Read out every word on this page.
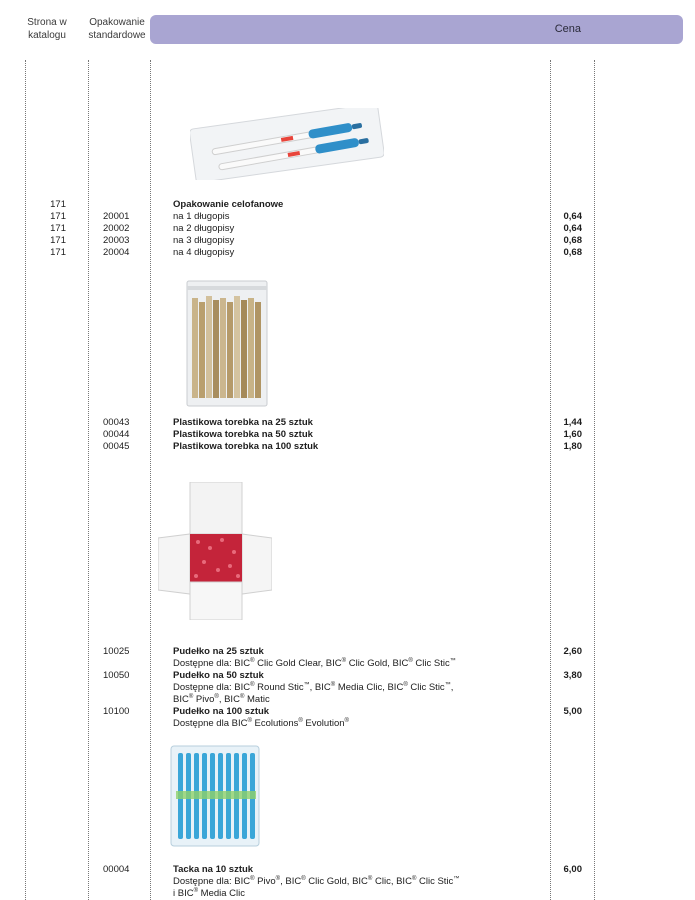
Strona w
katalogu
Opakowanie
standardowe
Cena
171	Opakowanie celofanowe
171	20001	na 1 długopis	0,64
171	20002	na 2 długopisy	0,64
171	20003	na 3 długopisy	0,68
171	20004	na 4 długopisy	0,68
00043	Plastikowa torebka na 25 sztuk	1,44
00044	Plastikowa torebka na 50 sztuk	1,60
00045	Plastikowa torebka na 100 sztuk	1,80
10025	Pudełko na 25 sztuk	2,60
Dostępne dla: BIC® Clic Gold Clear, BIC® Clic Gold, BIC® Clic Stic™
10050	Pudełko na 50 sztuk	3,80
Dostępne dla: BIC® Round Stic™, BIC® Media Clic, BIC® Clic Stic™,
BIC® Pivo®, BIC® Matic
10100	Pudełko na 100 sztuk	5,00
Dostępne dla BIC® Ecolutions® Evolution®
00004	Tacka na 10 sztuk	6,00
Dostępne dla: BIC® Pivo®, BIC® Clic Gold, BIC® Clic, BIC® Clic Stic™
i BIC® Media Clic
